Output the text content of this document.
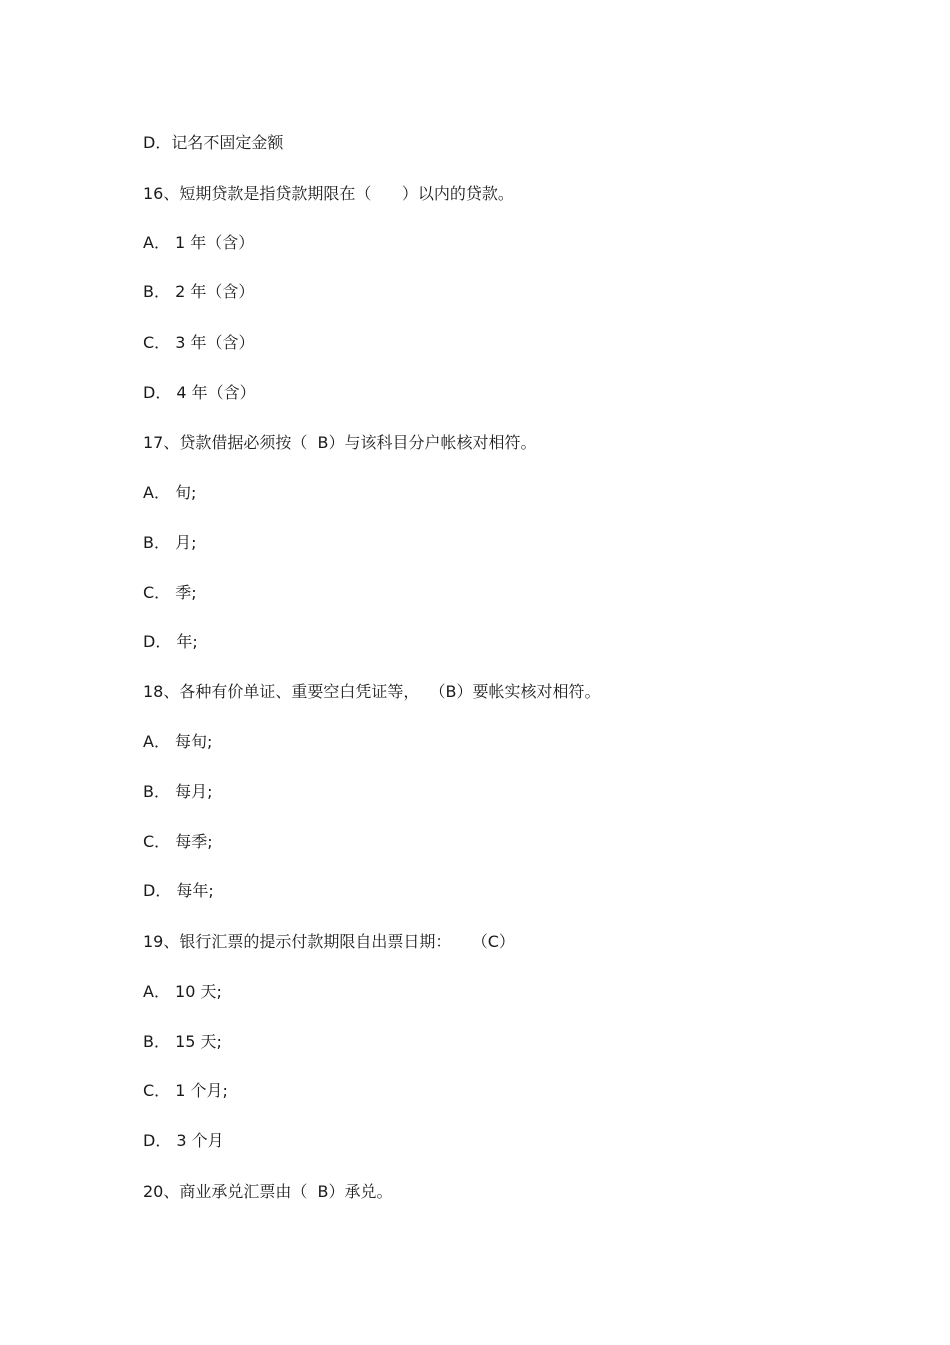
D．记名不固定金额

16、短期贷款是指贷款期限在（      ）以内的贷款。

A． 1 年（含）

B． 2 年（含）

C． 3 年（含）

D． 4 年（含）

17、贷款借据必须按（  B）与该科目分户帐核对相符。

A． 旬;

B． 月;

C． 季;

D． 年;

18、各种有价单证、重要空白凭证等，  （B）要帐实核对相符。

A． 每旬;

B． 每月;

C． 每季;

D． 每年;

19、银行汇票的提示付款期限自出票日期：    （C）

A． 10 天;

B． 15 天;

C． 1 个月;

D． 3 个月

20、商业承兑汇票由（  B）承兑。
